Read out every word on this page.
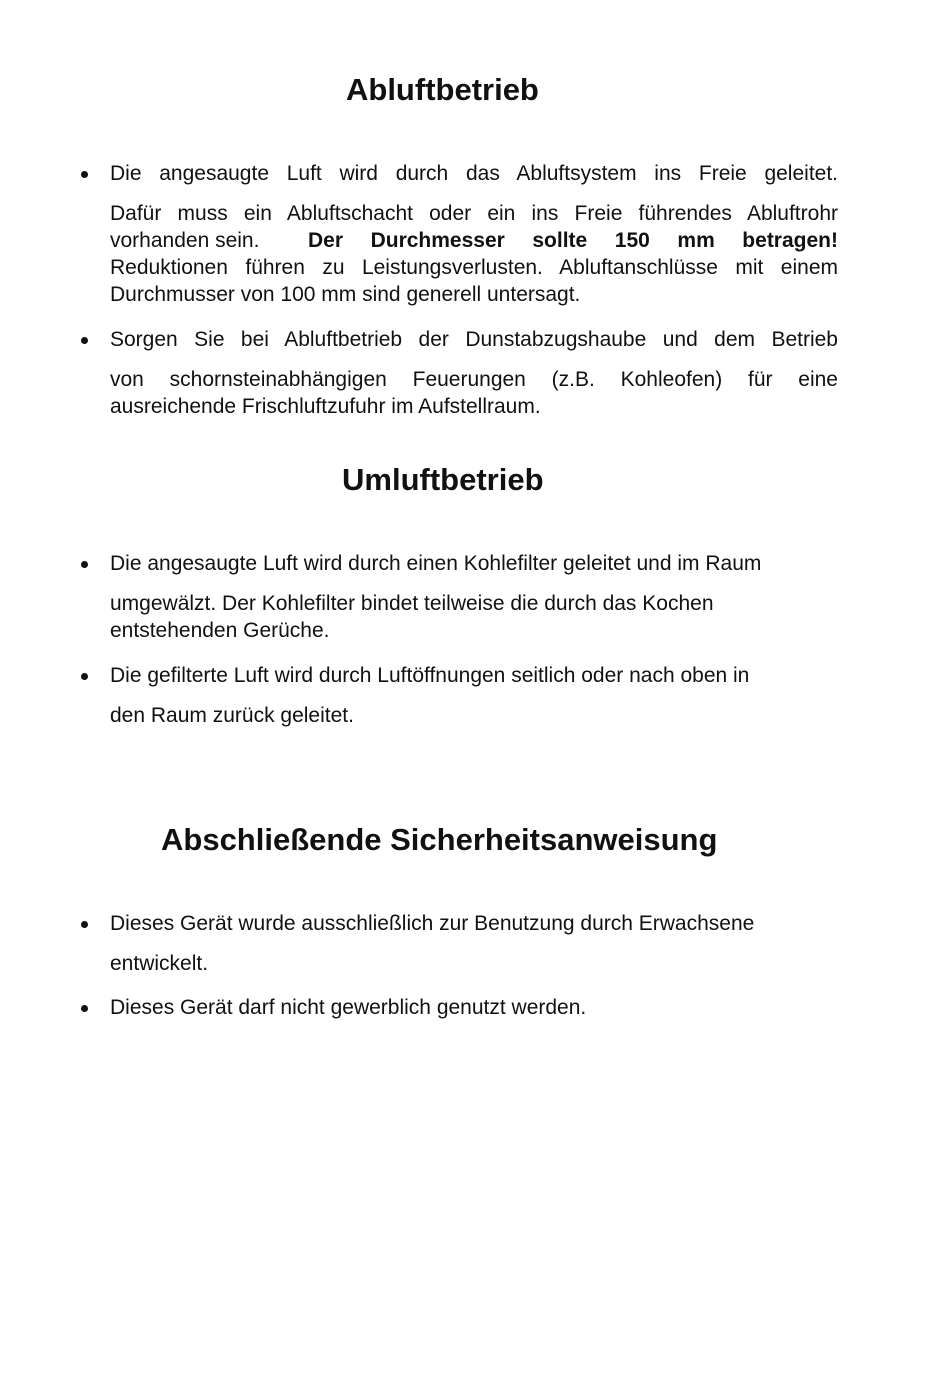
Abluftbetrieb

Die angesaugte Luft wird durch das Abluftsystem ins Freie geleitet.

Dafür muss ein Abluftschacht oder ein ins Freie führendes Abluftrohr

vorhanden sein. Der Durchmesser sollte 150 mm betragen!

Reduktionen führen zu Leistungsverlusten. Abluftanschlüsse mit einem

Durchmusser von 100 mm sind generell untersagt.

Sorgen Sie bei Abluftbetrieb der Dunstabzugshaube und dem Betrieb

von schornsteinabhängigen Feuerungen (z.B. Kohleofen) für eine

ausreichende Frischluftzufuhr im Aufstellraum.

Umluftbetrieb

Die angesaugte Luft wird durch einen Kohlefilter geleitet und im Raum

umgewälzt. Der Kohlefilter bindet teilweise die durch das Kochen

entstehenden Gerüche.

Die gefilterte Luft wird durch Luftöffnungen seitlich oder nach oben in

den Raum zurück geleitet.

Abschließende Sicherheitsanweisung

Dieses Gerät wurde ausschließlich zur Benutzung durch Erwachsene

entwickelt.

Dieses Gerät darf nicht gewerblich genutzt werden.
